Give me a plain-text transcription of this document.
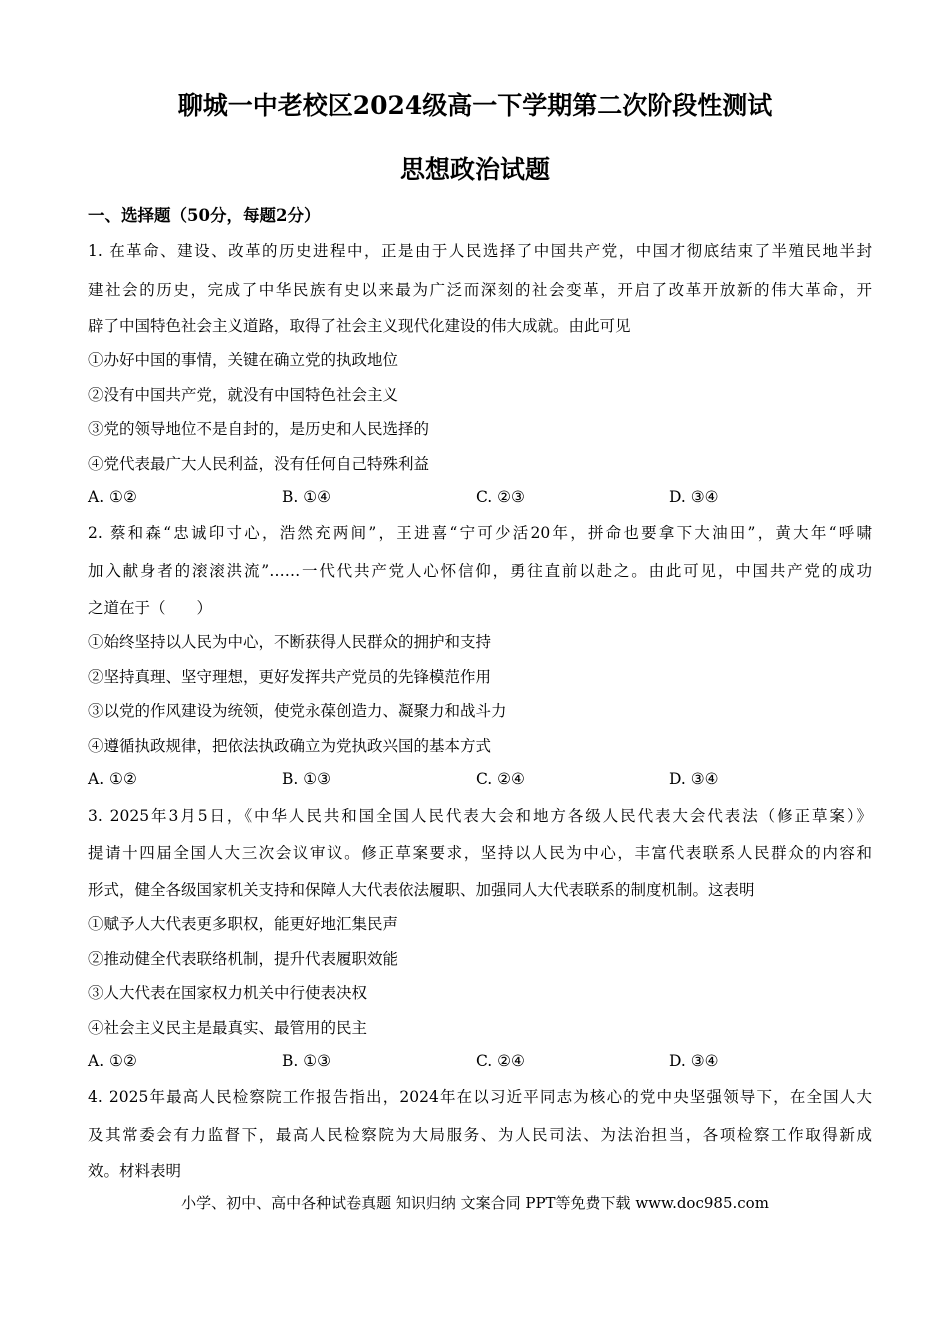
聊城一中老校区2024级高一下学期第二次阶段性测试
思想政治试题
一、选择题（50分，每题2分）
1. 在革命、建设、改革的历史进程中，正是由于人民选择了中国共产党，中国才彻底结束了半殖民地半封
建社会的历史，完成了中华民族有史以来最为广泛而深刻的社会变革，开启了改革开放新的伟大革命，开
辟了中国特色社会主义道路，取得了社会主义现代化建设的伟大成就。由此可见
①办好中国的事情，关键在确立党的执政地位
②没有中国共产党，就没有中国特色社会主义
③党的领导地位不是自封的，是历史和人民选择的
④党代表最广大人民利益，没有任何自己特殊利益
A. ①②	B. ①④	C. ②③	D. ③④
2. 蔡和森“忠诚印寸心，浩然充两间”，王进喜“宁可少活20年，拼命也要拿下大油田”，黄大年“呼啸
加入献身者的滚滚洪流”……一代代共产党人心怀信仰，勇往直前以赴之。由此可见，中国共产党的成功
之道在于（　　）
①始终坚持以人民为中心，不断获得人民群众的拥护和支持
②坚持真理、坚守理想，更好发挥共产党员的先锋模范作用
③以党的作风建设为统领，使党永葆创造力、凝聚力和战斗力
④遵循执政规律，把依法执政确立为党执政兴国的基本方式
A. ①②	B. ①③	C. ②④	D. ③④
3. 2025年3月5日，《中华人民共和国全国人民代表大会和地方各级人民代表大会代表法（修正草案）》
提请十四届全国人大三次会议审议。修正草案要求，坚持以人民为中心，丰富代表联系人民群众的内容和
形式，健全各级国家机关支持和保障人大代表依法履职、加强同人大代表联系的制度机制。这表明
①赋予人大代表更多职权，能更好地汇集民声
②推动健全代表联络机制，提升代表履职效能
③人大代表在国家权力机关中行使表决权
④社会主义民主是最真实、最管用的民主
A. ①②	B. ①③	C. ②④	D. ③④
4. 2025年最高人民检察院工作报告指出，2024年在以习近平同志为核心的党中央坚强领导下，在全国人大
及其常委会有力监督下，最高人民检察院为大局服务、为人民司法、为法治担当，各项检察工作取得新成
效。材料表明
小学、初中、高中各种试卷真题 知识归纳 文案合同 PPT等免费下载 www.doc985.com
